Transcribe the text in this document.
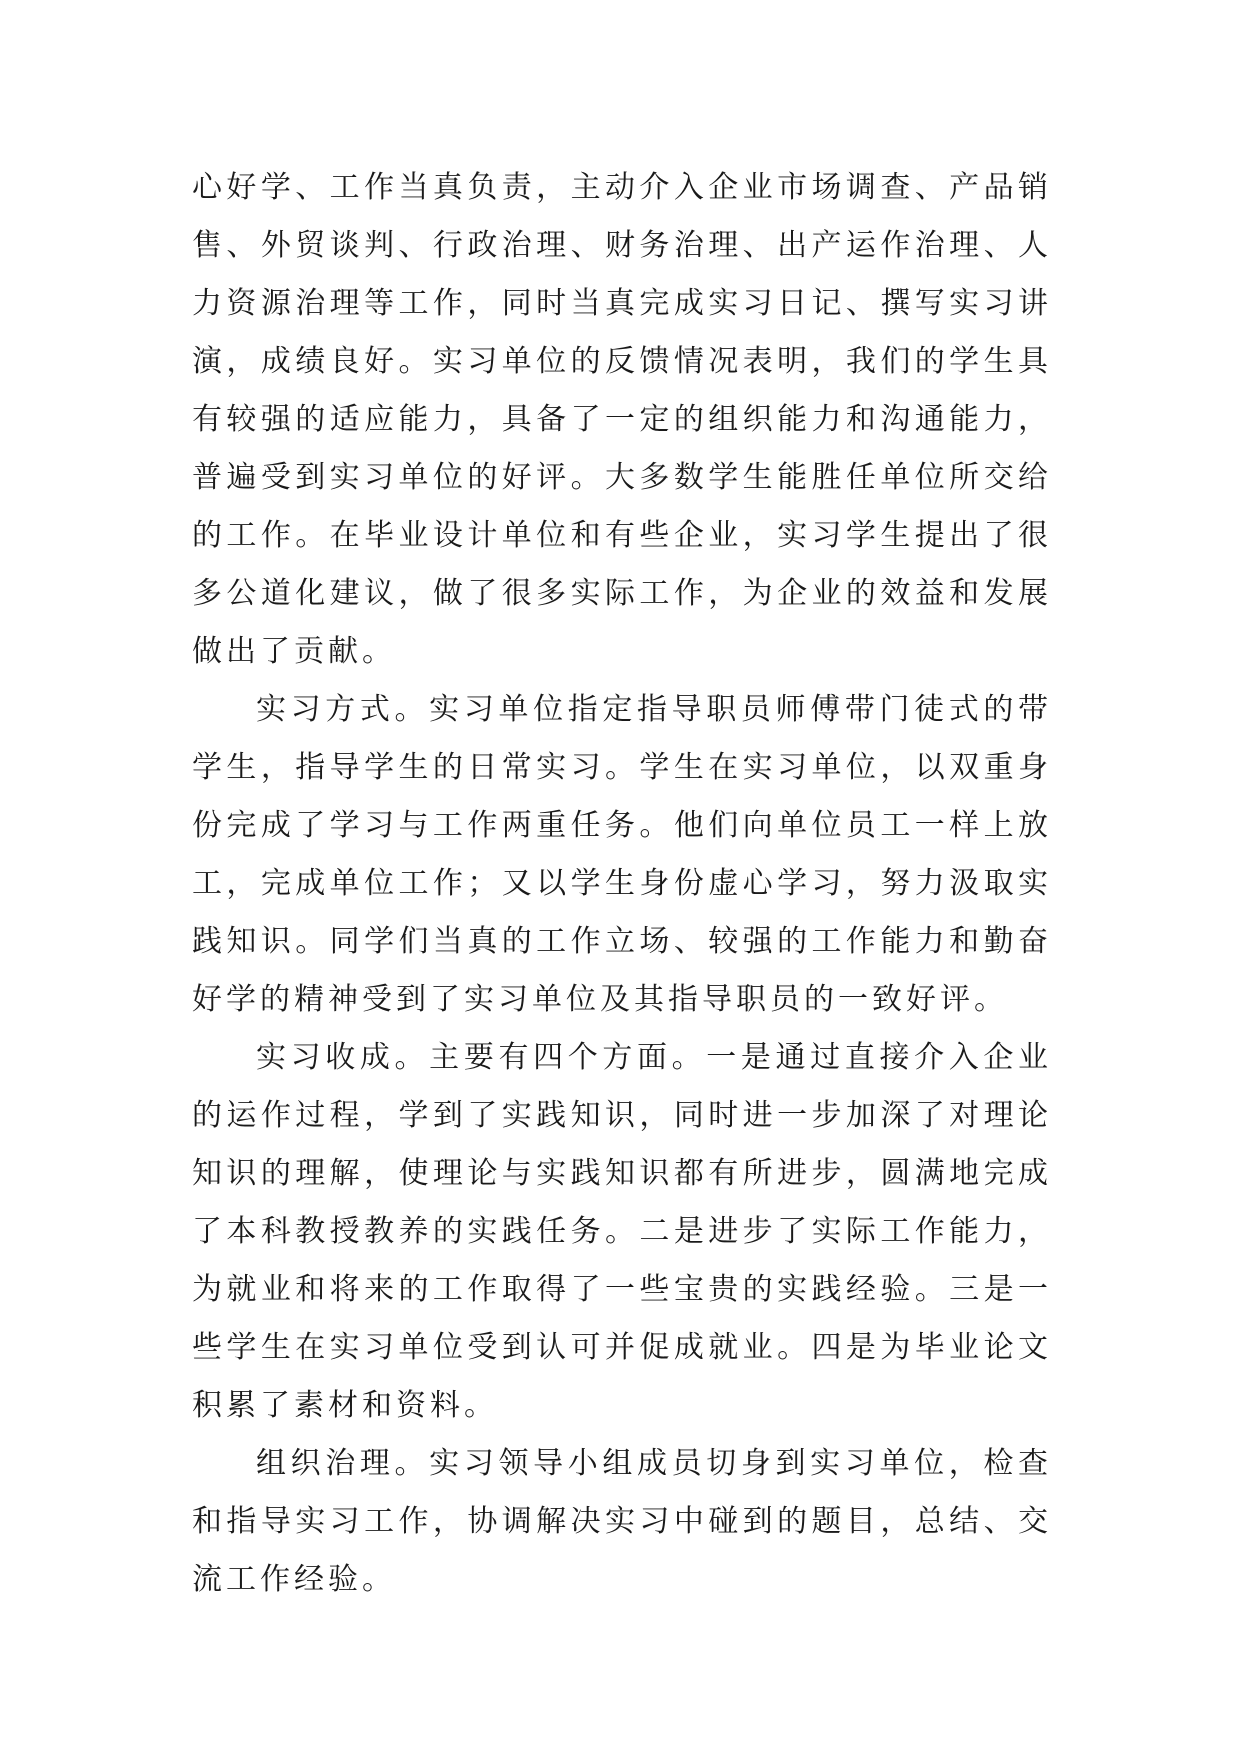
心好学、工作当真负责，主动介入企业市场调查、产品销售、外贸谈判、行政治理、财务治理、出产运作治理、人力资源治理等工作，同时当真完成实习日记、撰写实习讲演，成绩良好。实习单位的反馈情况表明，我们的学生具有较强的适应能力，具备了一定的组织能力和沟通能力，普遍受到实习单位的好评。大多数学生能胜任单位所交给的工作。在毕业设计单位和有些企业，实习学生提出了很多公道化建议，做了很多实际工作，为企业的效益和发展做出了贡献。

实习方式。实习单位指定指导职员师傅带门徒式的带学生，指导学生的日常实习。学生在实习单位，以双重身份完成了学习与工作两重任务。他们向单位员工一样上放工，完成单位工作；又以学生身份虚心学习，努力汲取实践知识。同学们当真的工作立场、较强的工作能力和勤奋好学的精神受到了实习单位及其指导职员的一致好评。

实习收成。主要有四个方面。一是通过直接介入企业的运作过程，学到了实践知识，同时进一步加深了对理论知识的理解，使理论与实践知识都有所进步，圆满地完成了本科教授教养的实践任务。二是进步了实际工作能力，为就业和将来的工作取得了一些宝贵的实践经验。三是一些学生在实习单位受到认可并促成就业。四是为毕业论文积累了素材和资料。

组织治理。实习领导小组成员切身到实习单位，检查和指导实习工作，协调解决实习中碰到的题目，总结、交流工作经验。
